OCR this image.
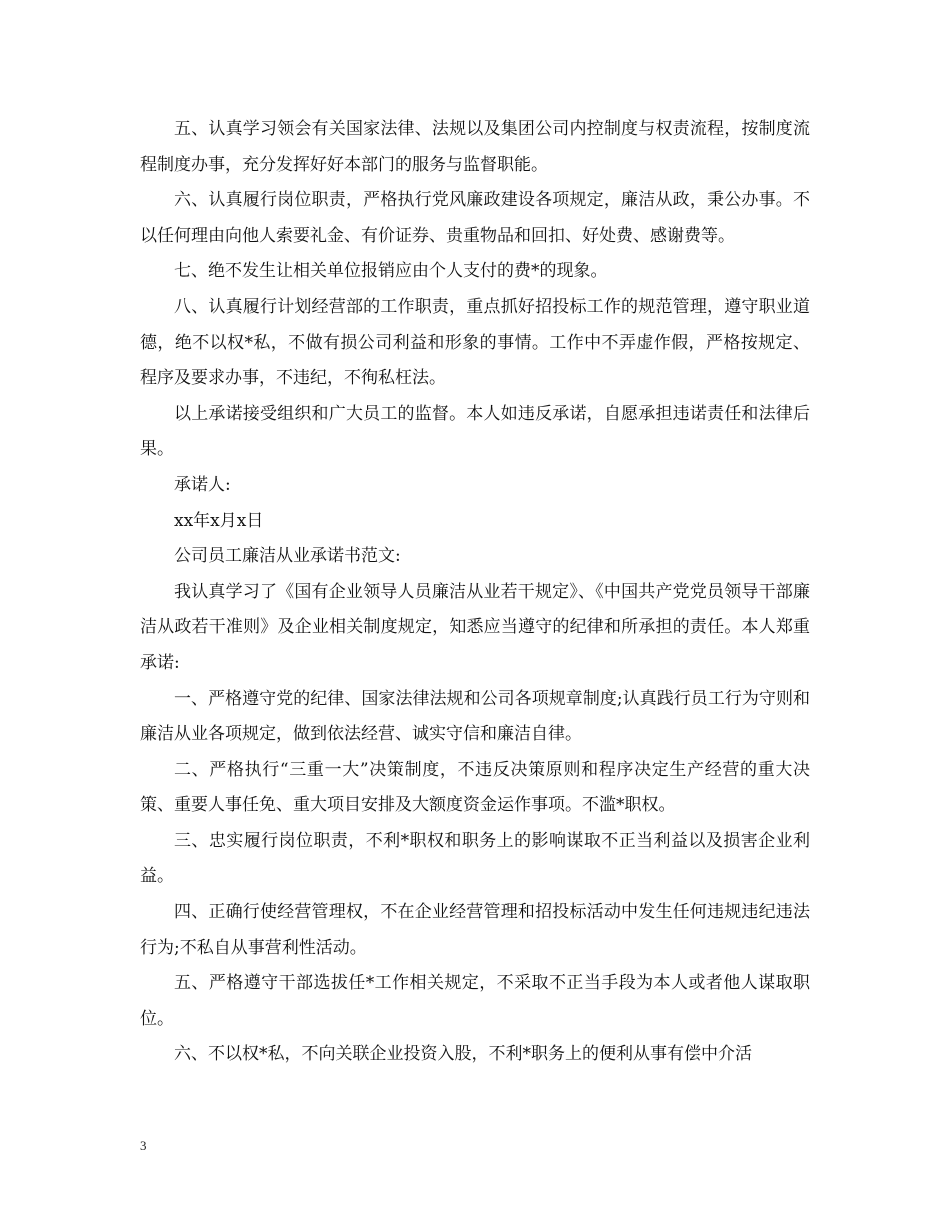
五、认真学习领会有关国家法律、法规以及集团公司内控制度与权责流程，按制度流程制度办事，充分发挥好好本部门的服务与监督职能。

六、认真履行岗位职责，严格执行党风廉政建设各项规定，廉洁从政，秉公办事。不以任何理由向他人索要礼金、有价证券、贵重物品和回扣、好处费、感谢费等。

七、绝不发生让相关单位报销应由个人支付的费*的现象。

八、认真履行计划经营部的工作职责，重点抓好招投标工作的规范管理，遵守职业道德，绝不以权*私，不做有损公司利益和形象的事情。工作中不弄虚作假，严格按规定、程序及要求办事，不违纪，不徇私枉法。

以上承诺接受组织和广大员工的监督。本人如违反承诺，自愿承担违诺责任和法律后果。

承诺人:

xx年x月x日

公司员工廉洁从业承诺书范文:

我认真学习了《国有企业领导人员廉洁从业若干规定》、《中国共产党党员领导干部廉洁从政若干准则》及企业相关制度规定，知悉应当遵守的纪律和所承担的责任。本人郑重承诺:

一、严格遵守党的纪律、国家法律法规和公司各项规章制度;认真践行员工行为守则和廉洁从业各项规定，做到依法经营、诚实守信和廉洁自律。

二、严格执行“三重一大”决策制度，不违反决策原则和程序决定生产经营的重大决策、重要人事任免、重大项目安排及大额度资金运作事项。不滥*职权。

三、忠实履行岗位职责，不利*职权和职务上的影响谋取不正当利益以及损害企业利益。

四、正确行使经营管理权，不在企业经营管理和招投标活动中发生任何违规违纪违法行为;不私自从事营利性活动。

五、严格遵守干部选拔任*工作相关规定，不采取不正当手段为本人或者他人谋取职位。

六、不以权*私，不向关联企业投资入股，不利*职务上的便利从事有偿中介活

3
